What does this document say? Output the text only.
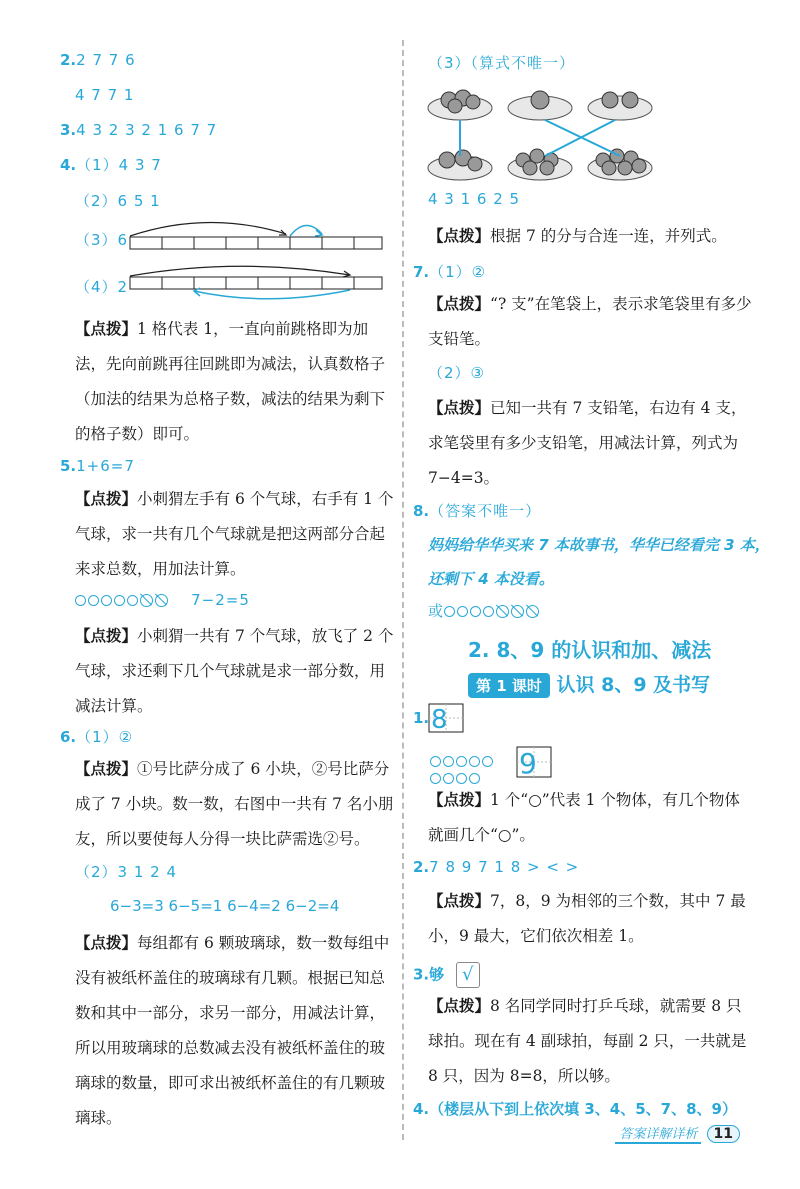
2.2 7 7 6
4 7 7 1
3.4 3 2 3 2 1 6 7 7
4.（1）4 3 7
（2）6 5 1
（3）6
（4）2
【点拨】1 格代表 1，一直向前跳格即为加法，先向前跳再往回跳即为减法，认真数格子（加法的结果为总格子数，减法的结果为剩下的格子数）即可。
5.1+6=7
【点拨】小刺猬左手有 6 个气球，右手有 1 个气球，求一共有几个气球就是把这两部分合起来求总数，用加法计算。
7−2=5
【点拨】小刺猬一共有 7 个气球，放飞了 2 个气球，求还剩下几个气球就是求一部分数，用减法计算。
6.（1）②
【点拨】①号比萨分成了 6 小块，②号比萨分成了 7 小块。数一数，右图中一共有 7 名小朋友，所以要使每人分得一块比萨需选②号。
（2）3 1 2 4
6−3=3 6−5=1 6−4=2 6−2=4
【点拨】每组都有 6 颗玻璃球，数一数每组中没有被纸杯盖住的玻璃球有几颗。根据已知总数和其中一部分，求另一部分，用减法计算，所以用玻璃球的总数减去没有被纸杯盖住的玻璃球的数量，即可求出被纸杯盖住的有几颗玻璃球。
（3）（算式不唯一）
4 3 1 6 2 5
【点拨】根据 7 的分与合连一连，并列式。
7.（1）②
【点拨】“? 支”在笔袋上，表示求笔袋里有多少支铅笔。
（2）③
【点拨】已知一共有 7 支铅笔，右边有 4 支，求笔袋里有多少支铅笔，用减法计算，列式为 7−4=3。
8.（答案不唯一）
妈妈给华华买来 7 本故事书，华华已经看完 3 本，
还剩下 4 本没看。
或
2. 8、9 的认识和加、减法
第 1 课时 认识 8、9 及书写
1. 8
9
【点拨】1 个“○”代表 1 个物体，有几个物体就画几个“○”。
2.7 8 9 7 1 8 > < >
【点拨】7，8，9 为相邻的三个数，其中 7 最小，9 最大，它们依次相差 1。
3.够 √
【点拨】8 名同学同时打乒乓球，就需要 8 只球拍。现在有 4 副球拍，每副 2 只，一共就是 8 只，因为 8=8，所以够。
4.（楼层从下到上依次填 3、4、5、7、8、9）
答案详解详析 11
